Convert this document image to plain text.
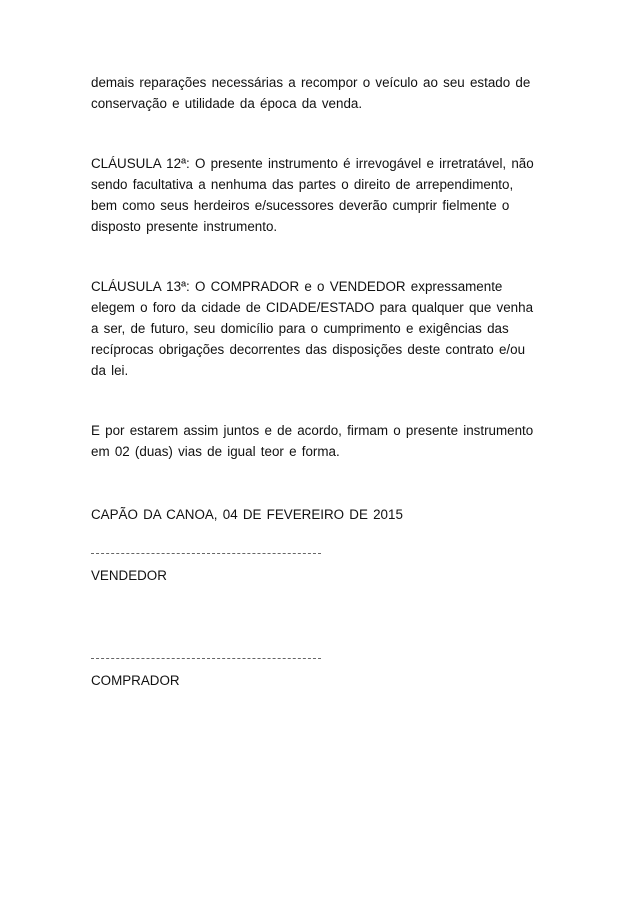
demais reparações necessárias a recompor o veículo ao seu estado de
conservação e utilidade da época da venda.

CLÁUSULA 12ª: O presente instrumento é irrevogável e irretratável, não
sendo facultativa a nenhuma das partes o direito de arrependimento,
bem como seus herdeiros e/sucessores deverão cumprir fielmente o
disposto presente instrumento.

CLÁUSULA 13ª: O COMPRADOR e o VENDEDOR expressamente
elegem o foro da cidade de CIDADE/ESTADO para qualquer que venha
a ser, de futuro, seu domicílio para o cumprimento e exigências das
recíprocas obrigações decorrentes das disposições deste contrato e/ou
da lei.

E por estarem assim juntos e de acordo, firmam o presente instrumento
em 02 (duas) vias de igual teor e forma.

CAPÃO DA CANOA, 04 DE FEVEREIRO DE 2015

VENDEDOR
COMPRADOR
